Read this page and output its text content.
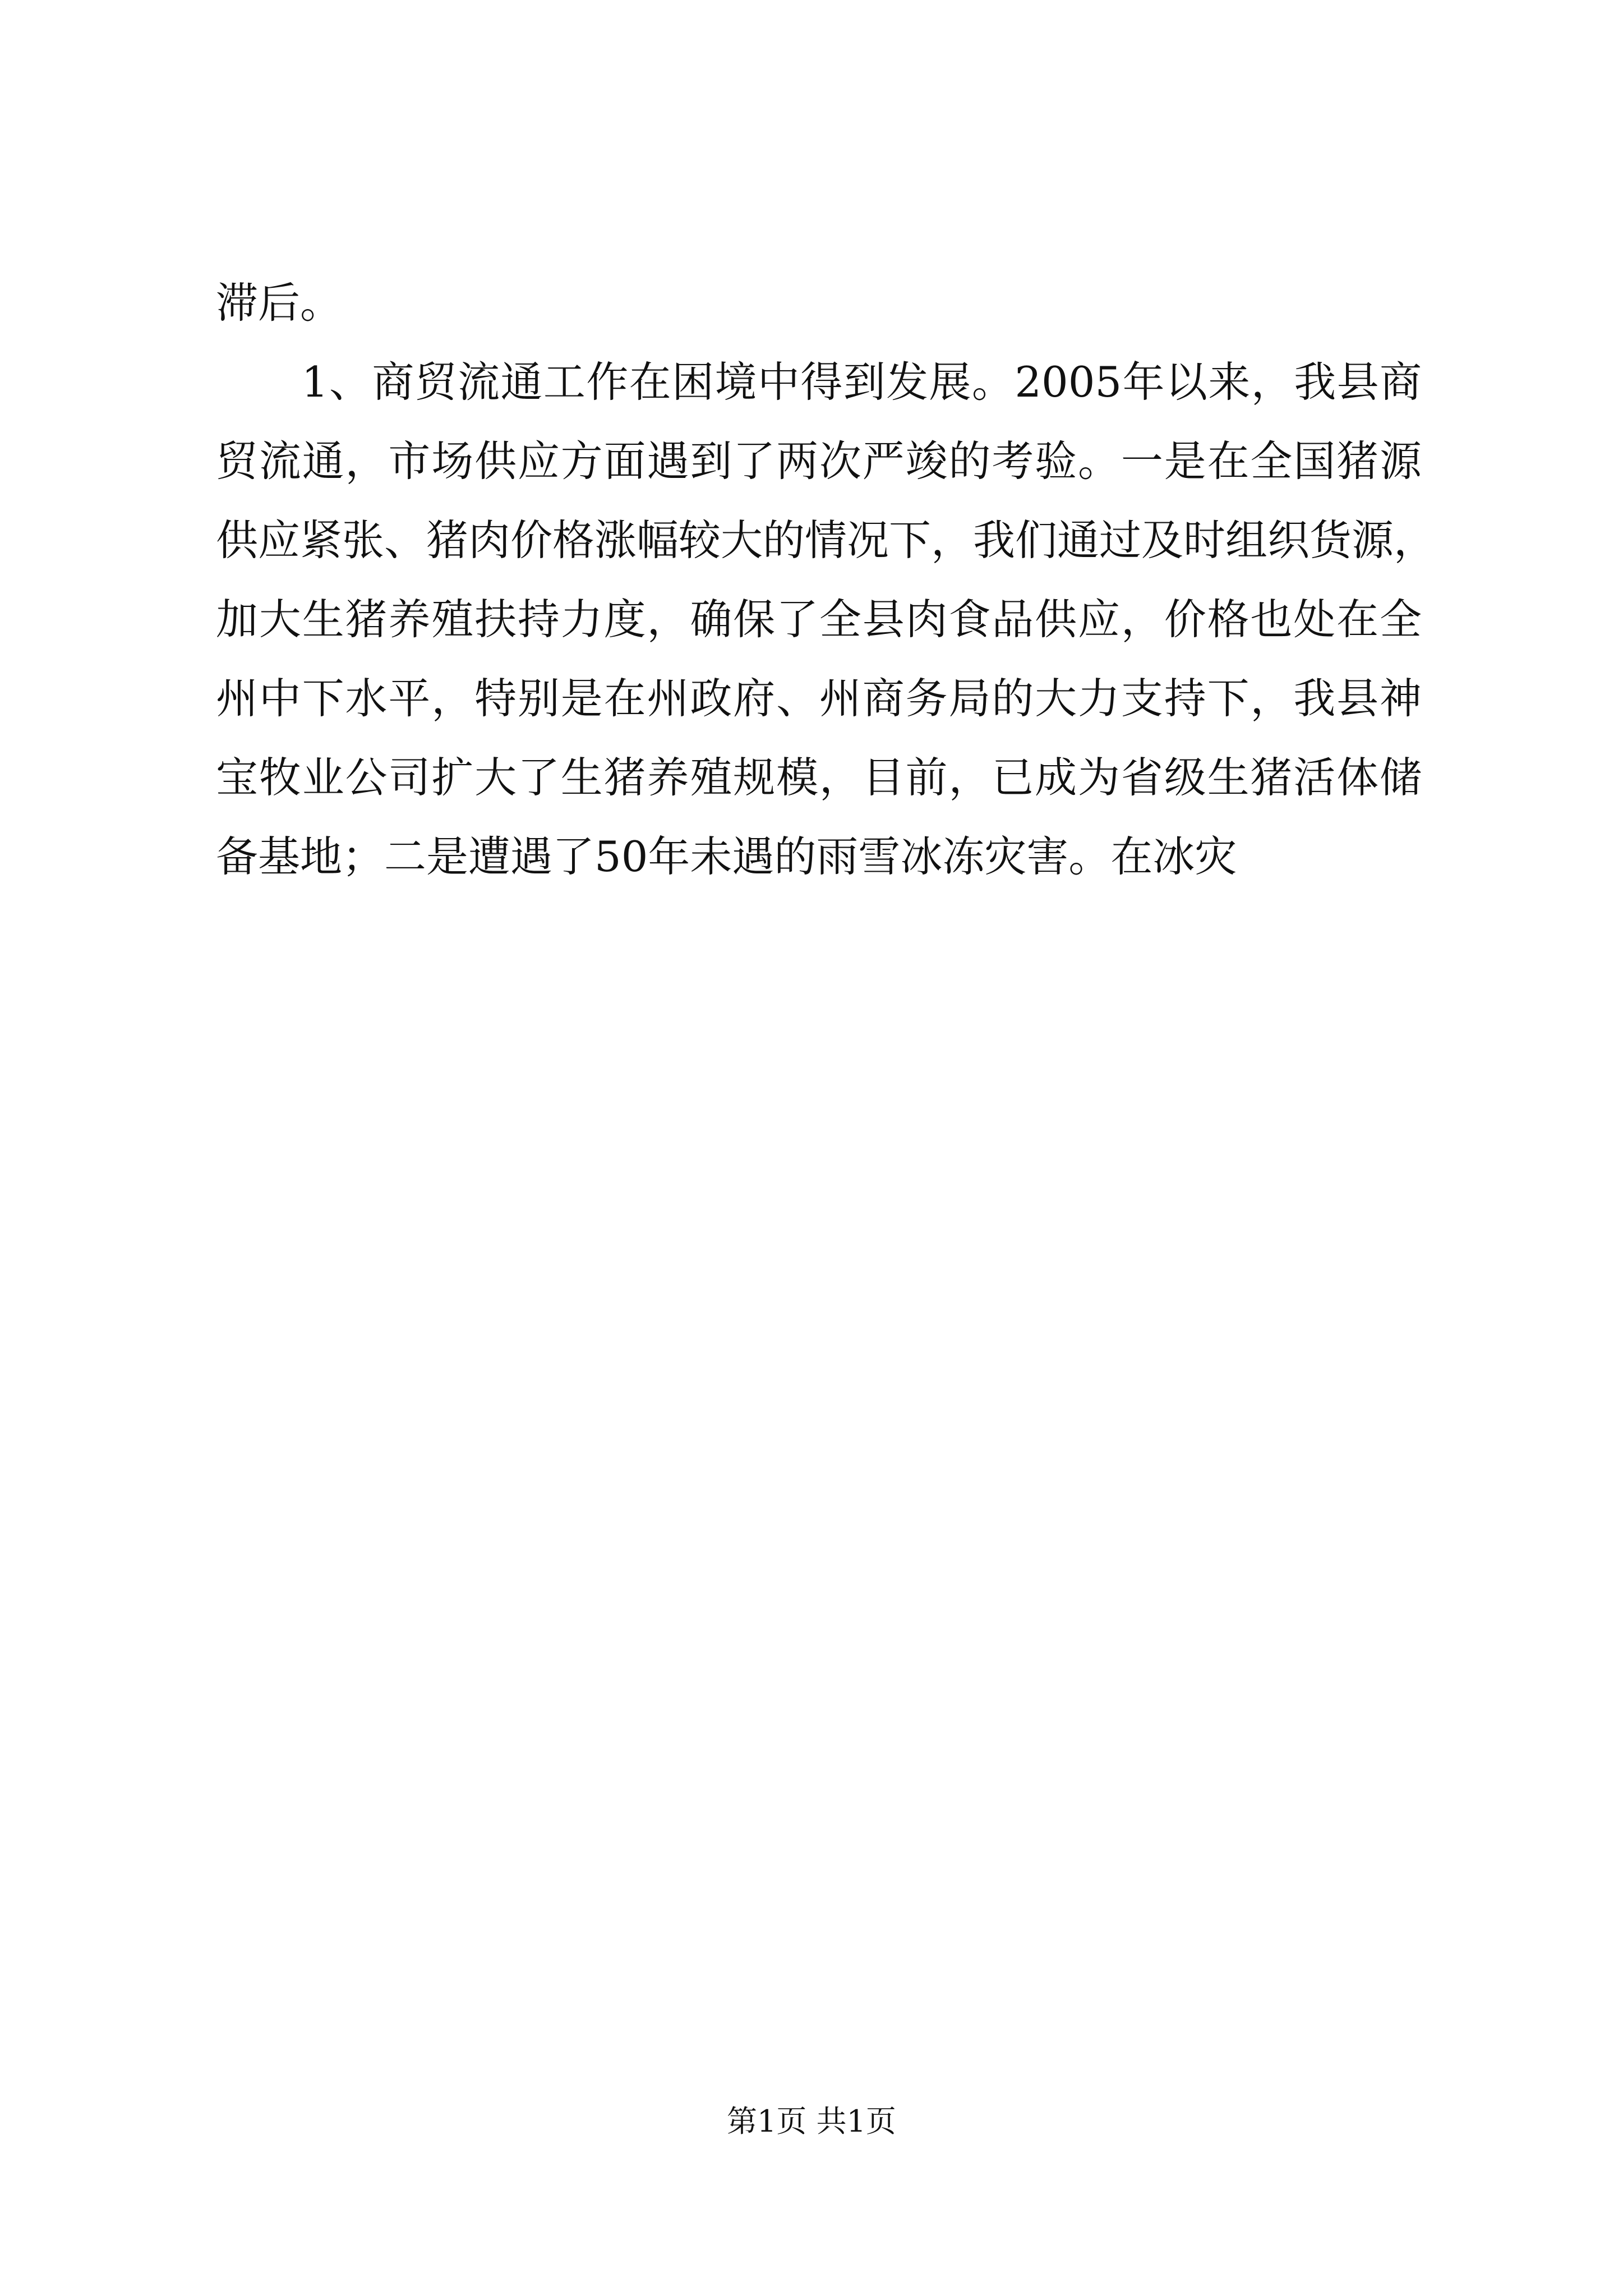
滞后。
　　1、商贸流通工作在困境中得到发展。2005年以来，我县商
贸流通，市场供应方面遇到了两次严竣的考验。一是在全国猪源
供应紧张、猪肉价格涨幅较大的情况下，我们通过及时组织货源，
加大生猪养殖扶持力度，确保了全县肉食品供应，价格也处在全
州中下水平，特别是在州政府、州商务局的大力支持下，我县神
宝牧业公司扩大了生猪养殖规模，目前，已成为省级生猪活体储
备基地；二是遭遇了50年未遇的雨雪冰冻灾害。在冰灾
第1页 共1页
